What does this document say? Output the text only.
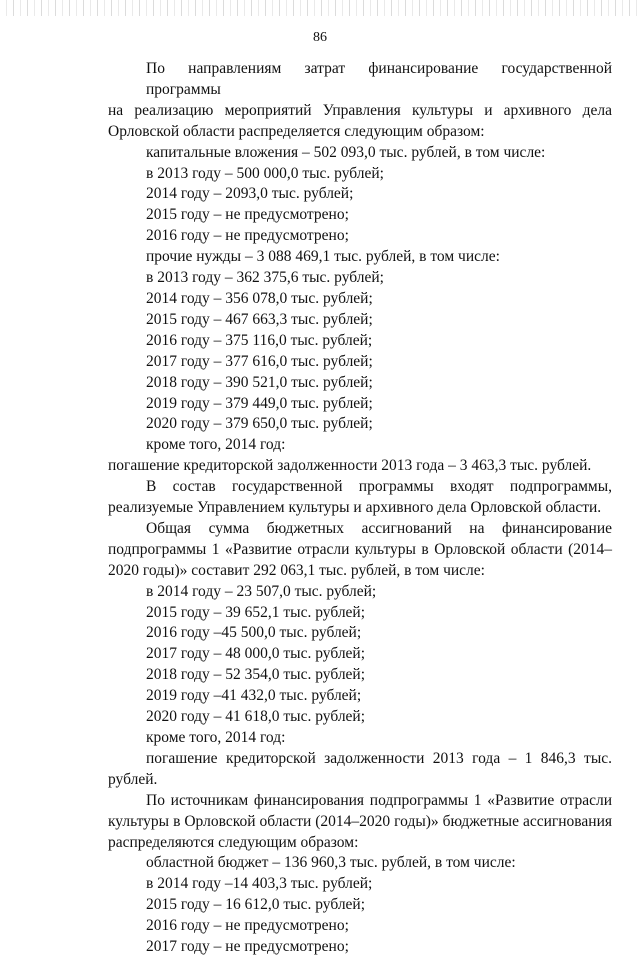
86

По направлениям затрат финансирование государственной программы

на реализацию мероприятий Управления культуры и архивного дела

Орловской области распределяется следующим образом:

капитальные вложения – 502 093,0 тыс. рублей, в том числе:

в 2013 году – 500 000,0 тыс. рублей;

2014 году – 2093,0 тыс. рублей;

2015 году – не предусмотрено;

2016 году – не предусмотрено;

прочие нужды – 3 088 469,1 тыс. рублей, в том числе:

в 2013 году – 362 375,6 тыс. рублей;

2014 году – 356 078,0 тыс. рублей;

2015 году – 467 663,3 тыс. рублей;

2016 году – 375 116,0 тыс. рублей;

2017 году – 377 616,0 тыс. рублей;

2018 году – 390 521,0 тыс. рублей;

2019 году – 379 449,0 тыс. рублей;

2020 году – 379 650,0 тыс. рублей;

кроме того, 2014 год:

погашение кредиторской задолженности 2013 года – 3 463,3 тыс. рублей.

В состав государственной программы входят подпрограммы,

реализуемые Управлением культуры и архивного дела Орловской области.

Общая сумма бюджетных ассигнований на финансирование

подпрограммы 1 «Развитие отрасли культуры в Орловской области (2014–

2020 годы)» составит 292 063,1 тыс. рублей, в том числе:

в 2014 году – 23 507,0 тыс. рублей;

2015 году – 39 652,1 тыс. рублей;

2016 году –45 500,0 тыс. рублей;

2017 году – 48 000,0 тыс. рублей;

2018 году – 52 354,0 тыс. рублей;

2019 году –41 432,0 тыс. рублей;

2020 году – 41 618,0 тыс. рублей;

кроме того, 2014 год:

погашение кредиторской задолженности 2013 года – 1 846,3 тыс.

рублей.

По источникам финансирования подпрограммы 1 «Развитие отрасли

культуры в Орловской области (2014–2020 годы)» бюджетные ассигнования

распределяются следующим образом:

областной бюджет – 136 960,3 тыс. рублей, в том числе:

в 2014 году –14 403,3 тыс. рублей;

2015 году – 16 612,0 тыс. рублей;

2016 году – не предусмотрено;

2017 году – не предусмотрено;
